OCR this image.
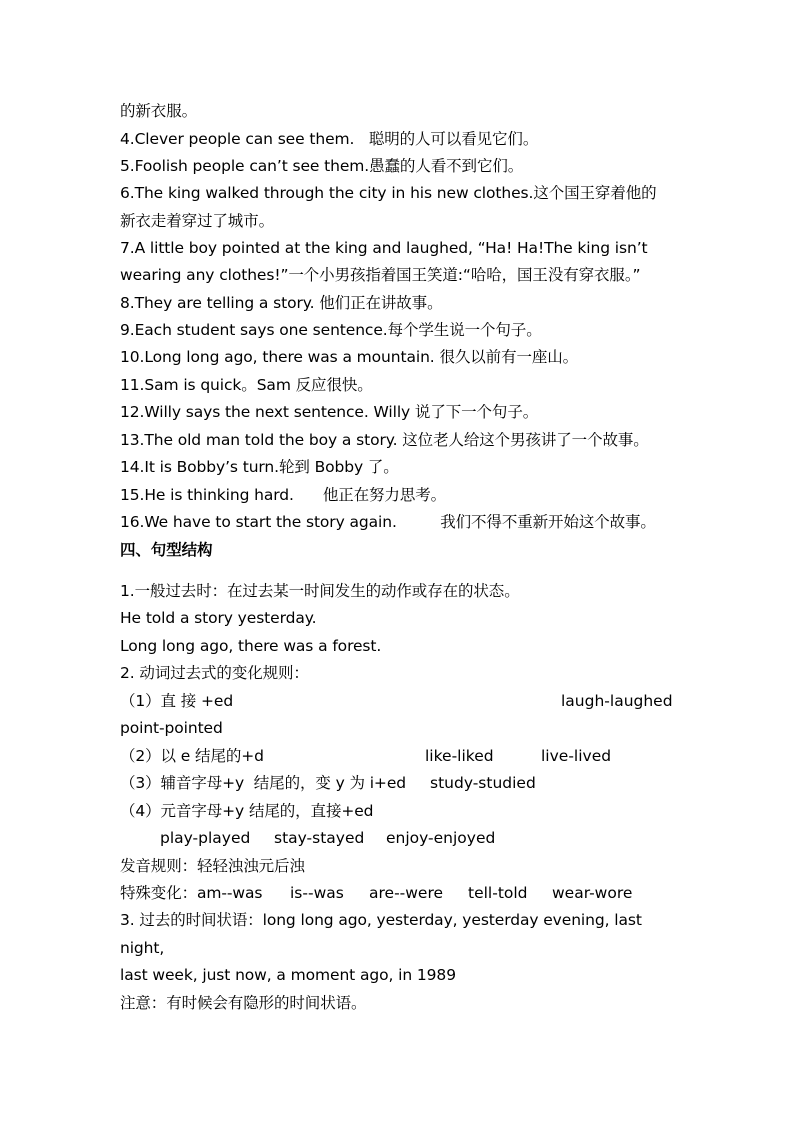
的新衣服。
4.Clever people can see them.   聪明的人可以看见它们。
5.Foolish people can’t see them.愚蠢的人看不到它们。
6.The king walked through the city in his new clothes.这个国王穿着他的
新衣走着穿过了城市。
7.A little boy pointed at the king and laughed, “Ha! Ha!The king isn’t
wearing any clothes!”一个小男孩指着国王笑道:“哈哈，国王没有穿衣服。”
8.They are telling a story. 他们正在讲故事。
9.Each student says one sentence.每个学生说一个句子。
10.Long long ago, there was a mountain. 很久以前有一座山。
11.Sam is quick。Sam 反应很快。
12.Willy says the next sentence. Willy 说了下一个句子。
13.The old man told the boy a story. 这位老人给这个男孩讲了一个故事。
14.It is Bobby’s turn.轮到 Bobby 了。
15.He is thinking hard.      他正在努力思考。
16.We have to start the story again.         我们不得不重新开始这个故事。
四、句型结构
1.一般过去时：在过去某一时间发生的动作或存在的状态。
He told a story yesterday.
Long long ago, there was a forest.
2. 动词过去式的变化规则：
（1）直 接 +ed	laugh-laughed
point-pointed
（2）以 e 结尾的+d	like-liked	live-lived
（3）辅音字母+y  结尾的，变 y 为 i+ed	study-studied
（4）元音字母+y 结尾的，直接+ed
play-played stay-stayed enjoy-enjoyed
发音规则：轻轻浊浊元后浊
特殊变化：am--was	is--was are--were tell-told wear-wore
3. 过去的时间状语：long long ago, yesterday, yesterday evening, last
night,
last week, just now, a moment ago, in 1989
注意：有时候会有隐形的时间状语。
